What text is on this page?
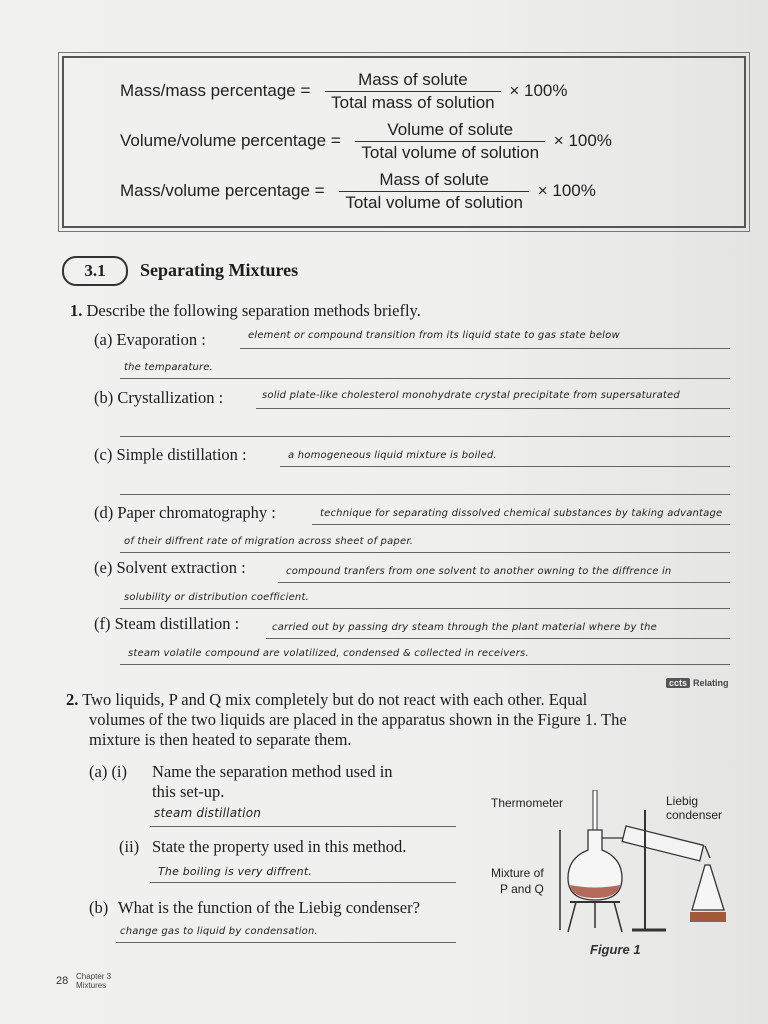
Mass/mass percentage = $\frac{\text{Mass of solute}}{\text{Total mass of solution}} \times 100\%$
Volume/volume percentage = $\frac{\text{Volume of solute}}{\text{Total volume of solution}} \times 100\%$
Mass/volume percentage = $\frac{\text{Mass of solute}}{\text{Total volume of solution}} \times 100\%$
3.1	Separating Mixtures
1. Describe the following separation methods briefly.
(a) Evaporation :	element or compound transition from its liquid state to gas state below
the temparature.
(b) Crystallization :	solid plate-like cholesterol monohydrate crystal precipitate from supersaturated
(c) Simple distillation :	a homogeneous liquid mixture is boiled.
(d) Paper chromatography :	technique for separating dissolved chemical substances by taking advantage
of their diffrent rate of migration across sheet of paper.
(e) Solvent extraction :	compound tranfers from one solvent to another owning to the diffrence in
solubility or distribution coefficient.
(f) Steam distillation :	carried out by passing dry steam through the plant material where by the
steam volatile compound are volatilized, condensed & collected in receivers.
ccts Relating
2. Two liquids, P and Q mix completely but do not react with each other. Equal
volumes of the two liquids are placed in the apparatus shown in the Figure 1. The
mixture is then heated to separate them.
(a) (i) Name the separation method used in
this set-up.
steam distillation
(ii) State the property used in this method.
The boiling is very diffrent.
(b) What is the function of the Liebig condenser?
change gas to liquid by condensation.
Thermometer	Liebig
condenser
Mixture of
P and Q
Figure 1
28 Chapter 3
Mixtures
